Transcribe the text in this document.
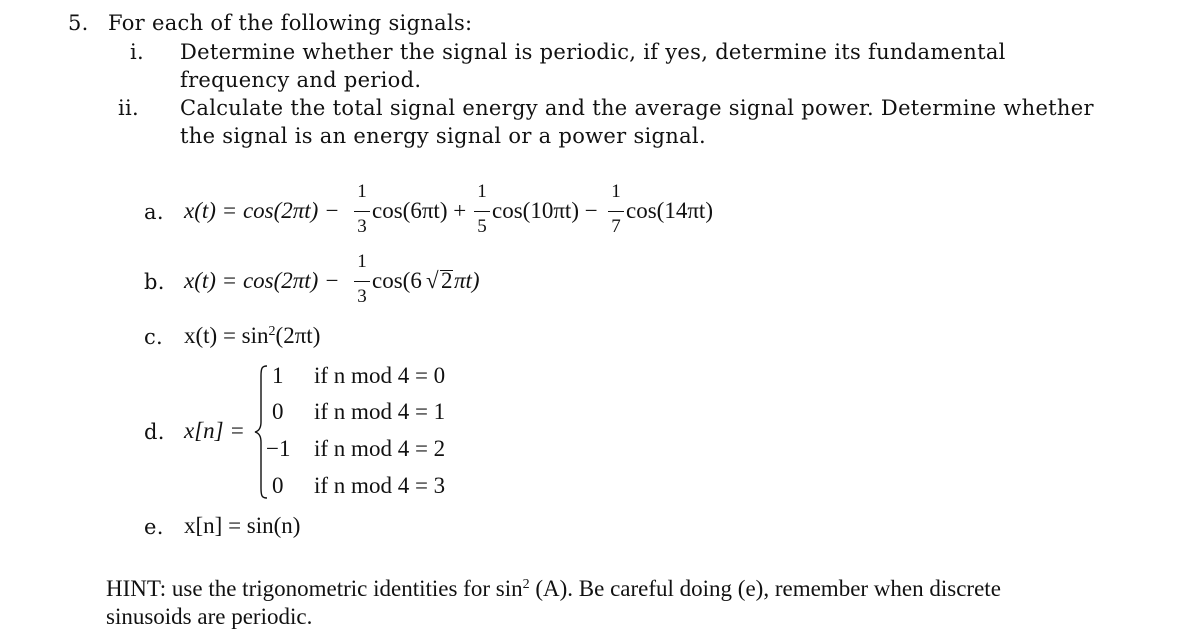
5. For each of the following signals:
i. Determine whether the signal is periodic, if yes, determine its fundamental
frequency and period.
ii. Calculate the total signal energy and the average signal power. Determine whether
the signal is an energy signal or a power signal.
a. x(t) = cos(2πt) −
1
3
cos(6πt) +
1
5
cos(10πt) −
1
7
cos(14πt)
b. x(t) = cos(2πt) −
1
3
cos(6 √ 2 πt)
c. $x(t) = \sin^2(2\pi t)$
d. x[n] =
1 if n mod 4 = 0
0 if n mod 4 = 1
−1 if n mod 4 = 2
0 if n mod 4 = 3
e. x[n] = sin(n)
HINT: use the trigonometric identities for $\sin^2 (A)$. Be careful doing (e), remember when discrete
sinusoids are periodic.
